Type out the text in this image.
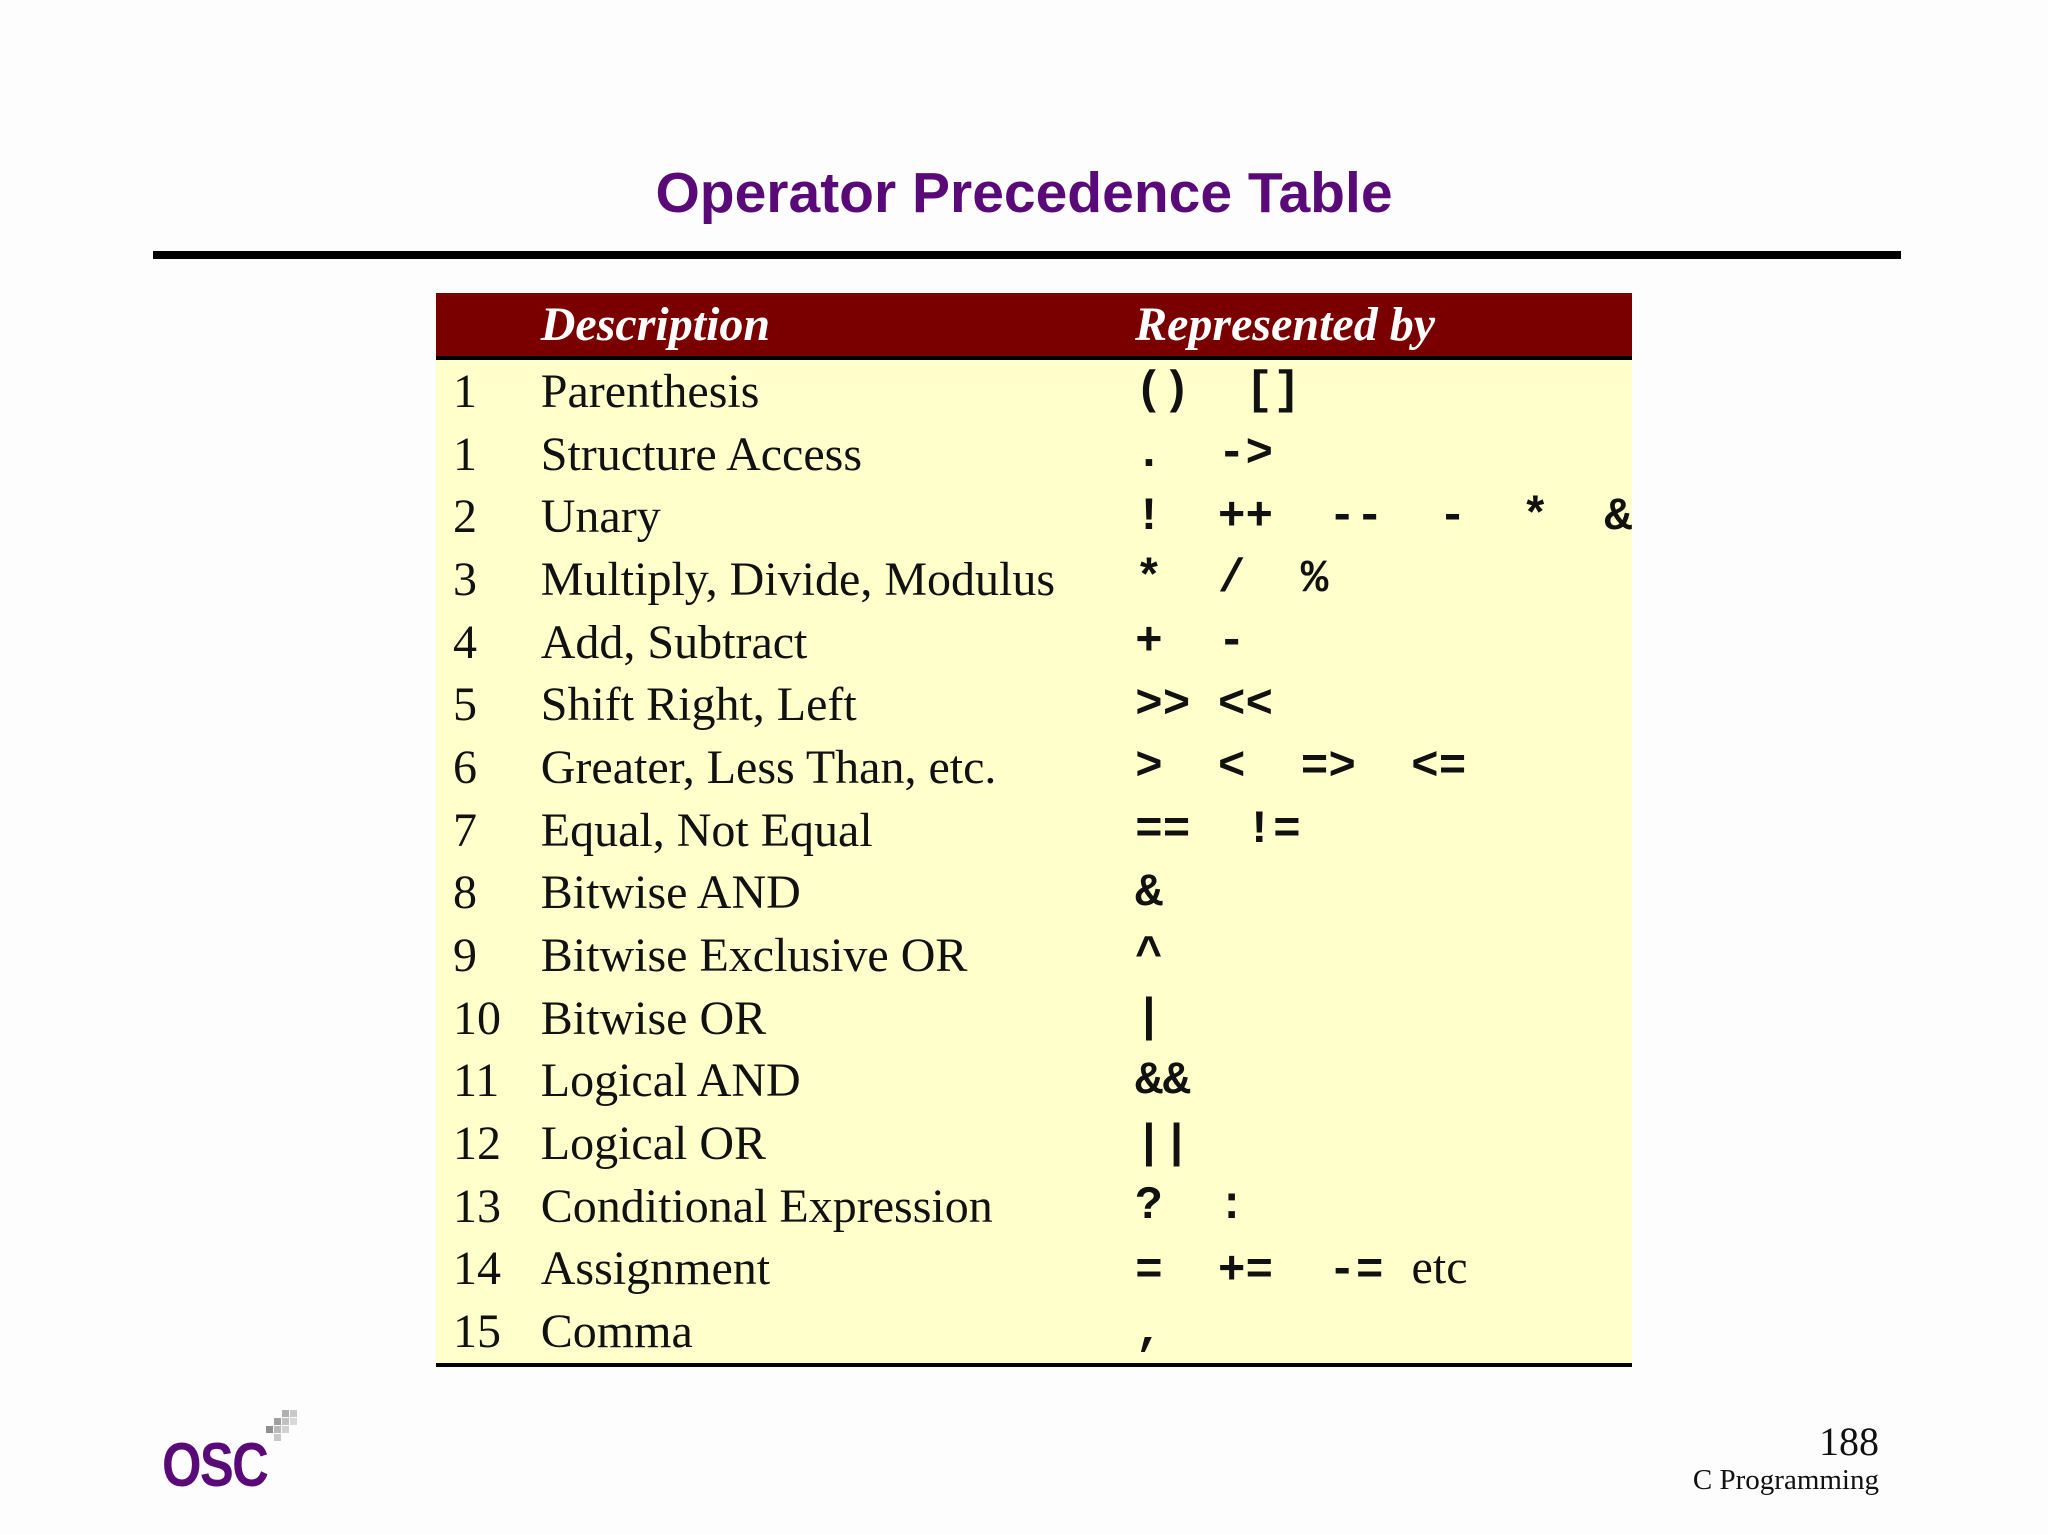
Operator Precedence Table
	Description	Represented by
1	Parenthesis	()  []
1	Structure Access	.  ->
2	Unary	!  ++  --  -  *  &
3	Multiply, Divide, Modulus	*  /  %
4	Add, Subtract	+  -
5	Shift Right, Left	>> <<
6	Greater, Less Than, etc.	>  <  =>  <=
7	Equal, Not Equal	==  !=
8	Bitwise AND	&
9	Bitwise Exclusive OR	^
10	Bitwise OR	|
11	Logical AND	&&
12	Logical OR	||
13	Conditional Expression	?  :
14	Assignment	=  +=  -= etc
15	Comma	,
OSC	188
C Programming
